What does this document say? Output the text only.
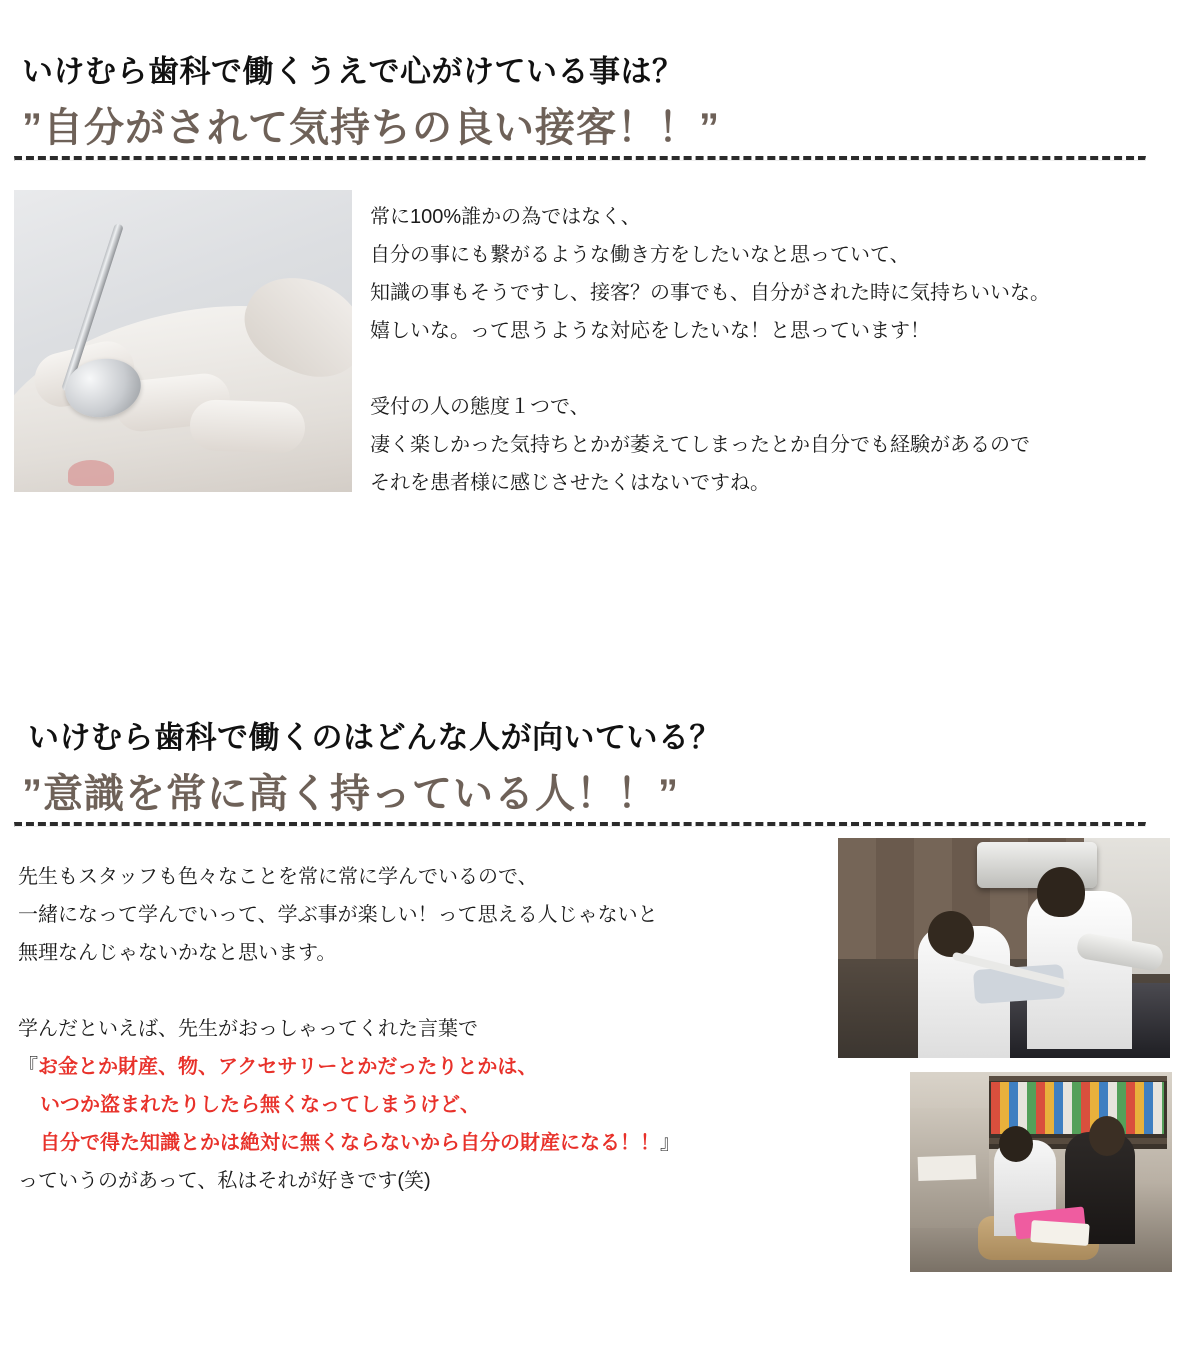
いけむら歯科で働くうえで心がけている事は？
”自分がされて気持ちの良い接客！！”

常に100%誰かの為ではなく、

自分の事にも繋がるような働き方をしたいなと思っていて、

知識の事もそうですし、接客？の事でも、自分がされた時に気持ちいいな。

嬉しいな。って思うような対応をしたいな！と思っています！

受付の人の態度１つで、

凄く楽しかった気持ちとかが萎えてしまったとか自分でも経験があるので

それを患者様に感じさせたくはないですね。

いけむら歯科で働くのはどんな人が向いている？
”意識を常に高く持っている人！！”

先生もスタッフも色々なことを常に常に学んでいるので、

一緒になって学んでいって、学ぶ事が楽しい！って思える人じゃないと

無理なんじゃないかなと思います。

学んだといえば、先生がおっしゃってくれた言葉で

『お金とか財産、物、アクセサリーとかだったりとかは、

いつか盗まれたりしたら無くなってしまうけど、

自分で得た知識とかは絶対に無くならないから自分の財産になる！！』

っていうのがあって、私はそれが好きです(笑)
